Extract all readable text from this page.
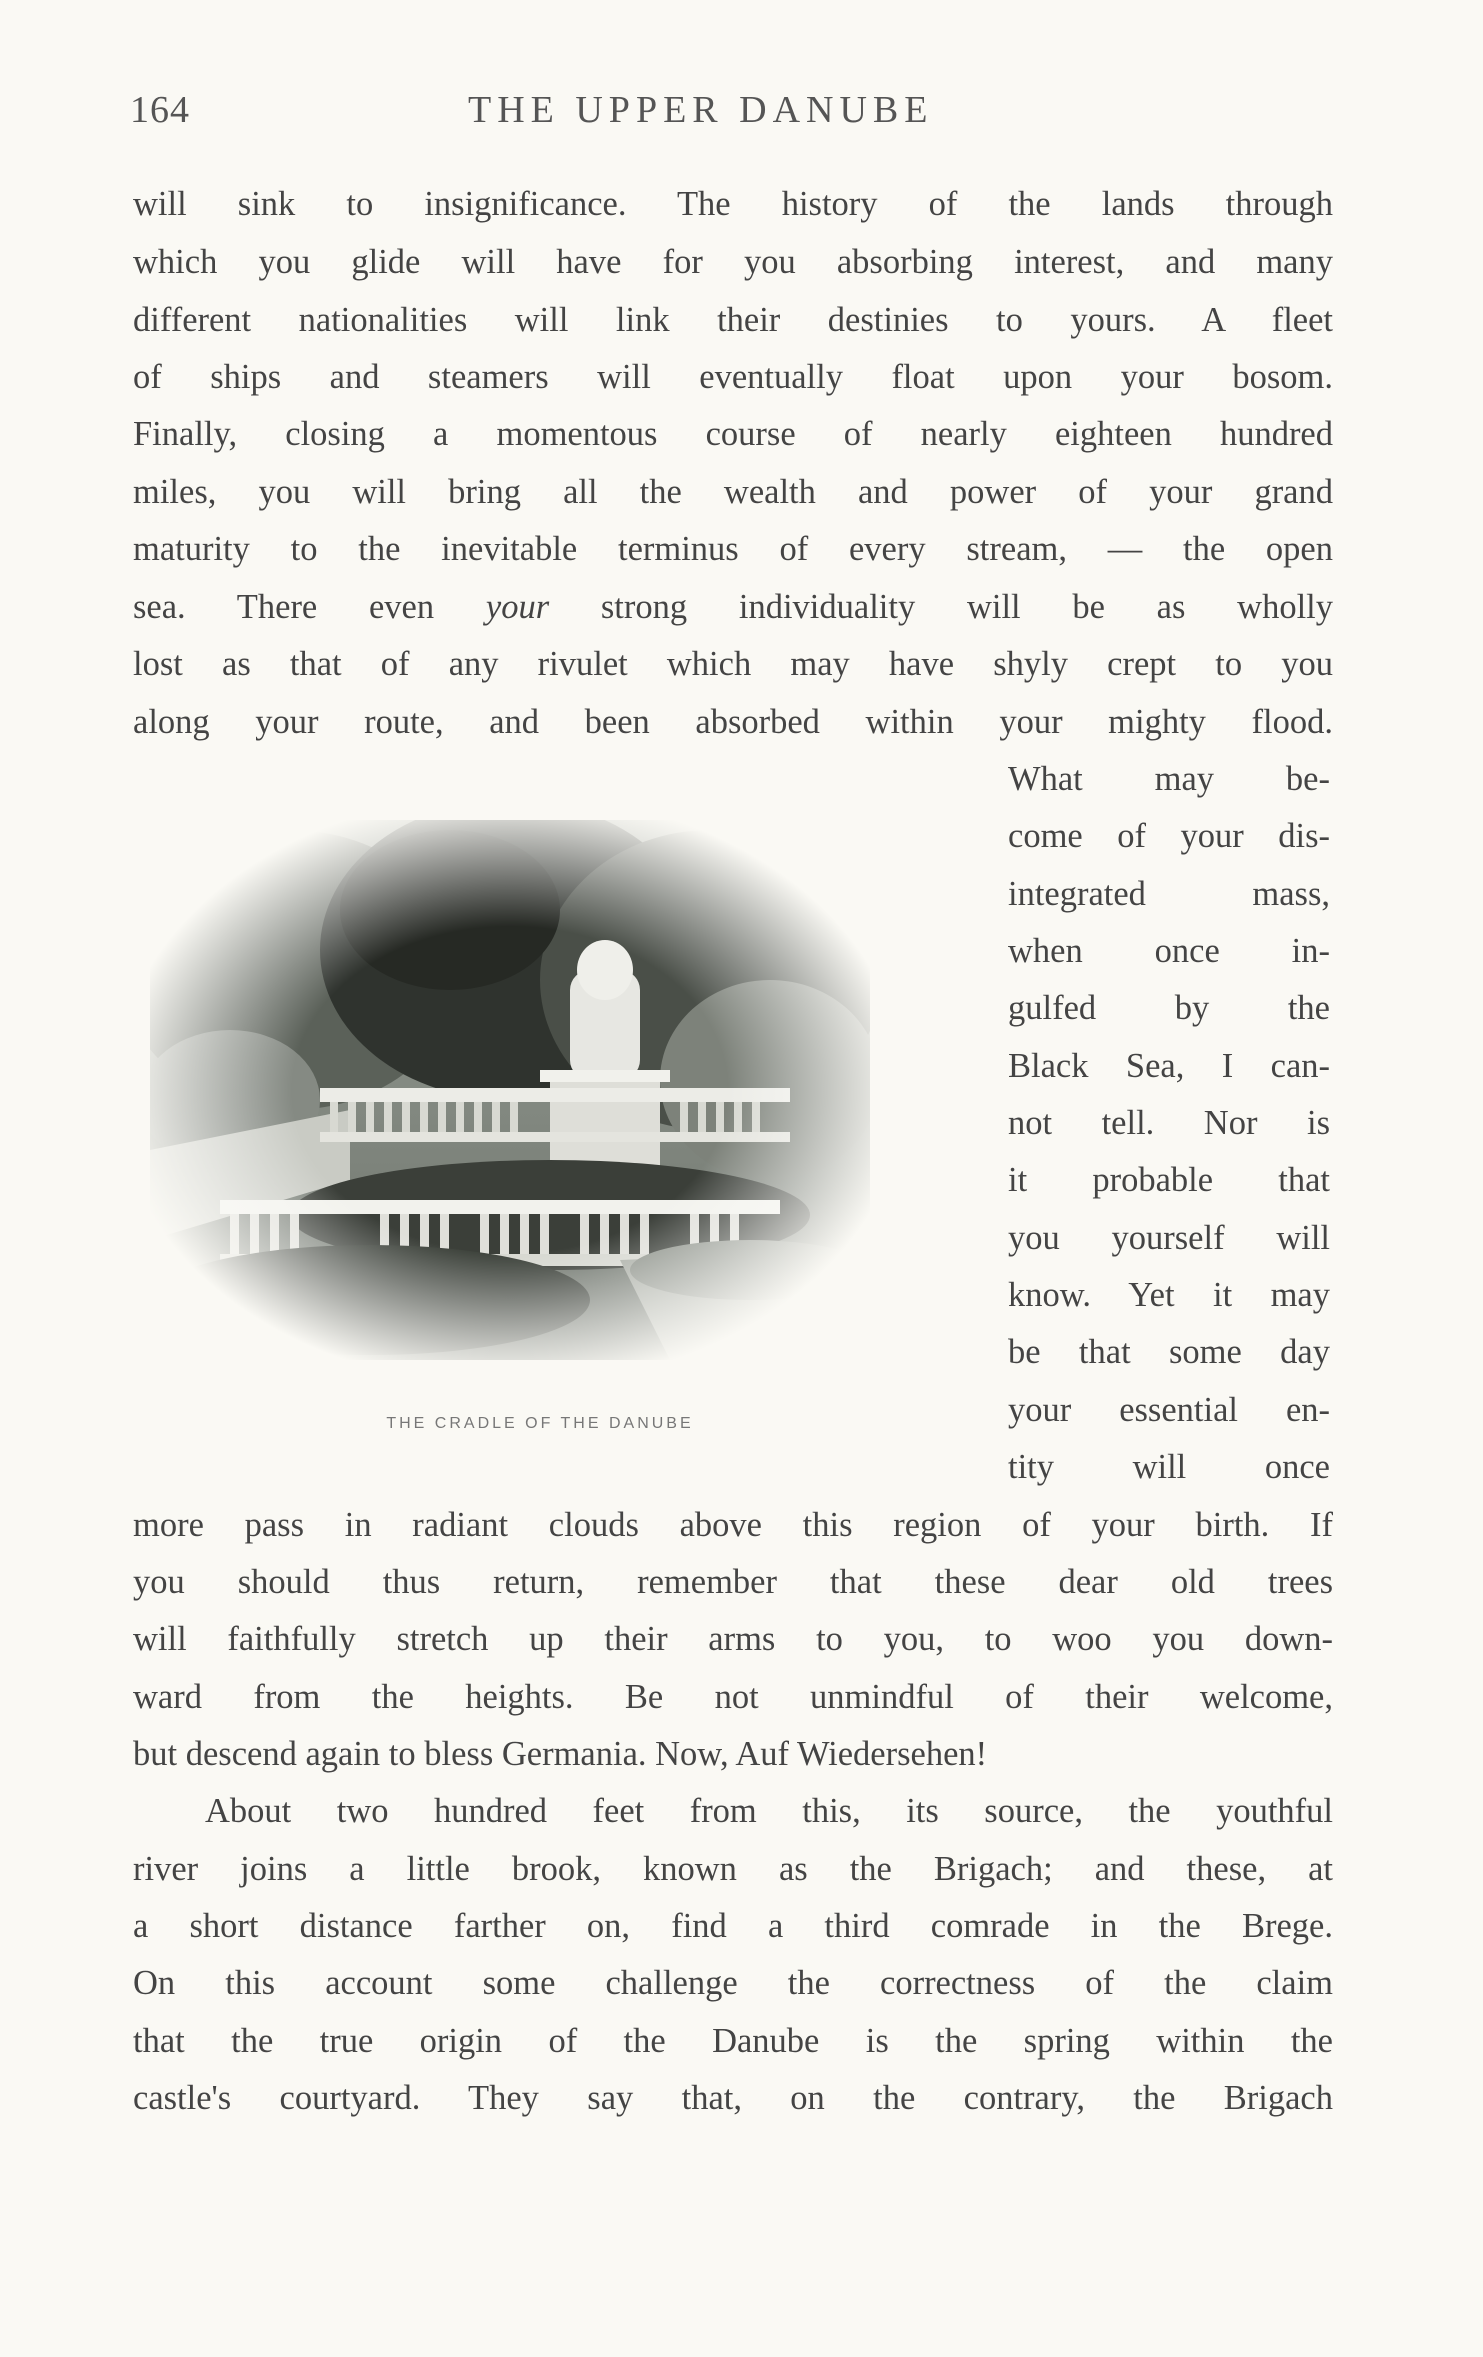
164	THE UPPER DANUBE
will sink to insignificance. The history of the lands through
which you glide will have for you absorbing interest, and many
different nationalities will link their destinies to yours. A fleet
of ships and steamers will eventually float upon your bosom.
Finally, closing a momentous course of nearly eighteen hundred
miles, you will bring all the wealth and power of your grand
maturity to the inevitable terminus of every stream, — the open
sea. There even your strong individuality will be as wholly
lost as that of any rivulet which may have shyly crept to you
along your route, and been absorbed within your mighty flood.
What may be-
come of your dis-
integrated mass,
when once in-
gulfed by the
Black Sea, I can-
not tell. Nor is
it probable that
you yourself will
know. Yet it may
be that some day
your essential en-
tity will once
THE CRADLE OF THE DANUBE
more pass in radiant clouds above this region of your birth. If
you should thus return, remember that these dear old trees
will faithfully stretch up their arms to you, to woo you down-
ward from the heights. Be not unmindful of their welcome,
but descend again to bless Germania. Now, Auf Wiedersehen!
About two hundred feet from this, its source, the youthful
river joins a little brook, known as the Brigach; and these, at
a short distance farther on, find a third comrade in the Brege.
On this account some challenge the correctness of the claim
that the true origin of the Danube is the spring within the
castle's courtyard. They say that, on the contrary, the Brigach
